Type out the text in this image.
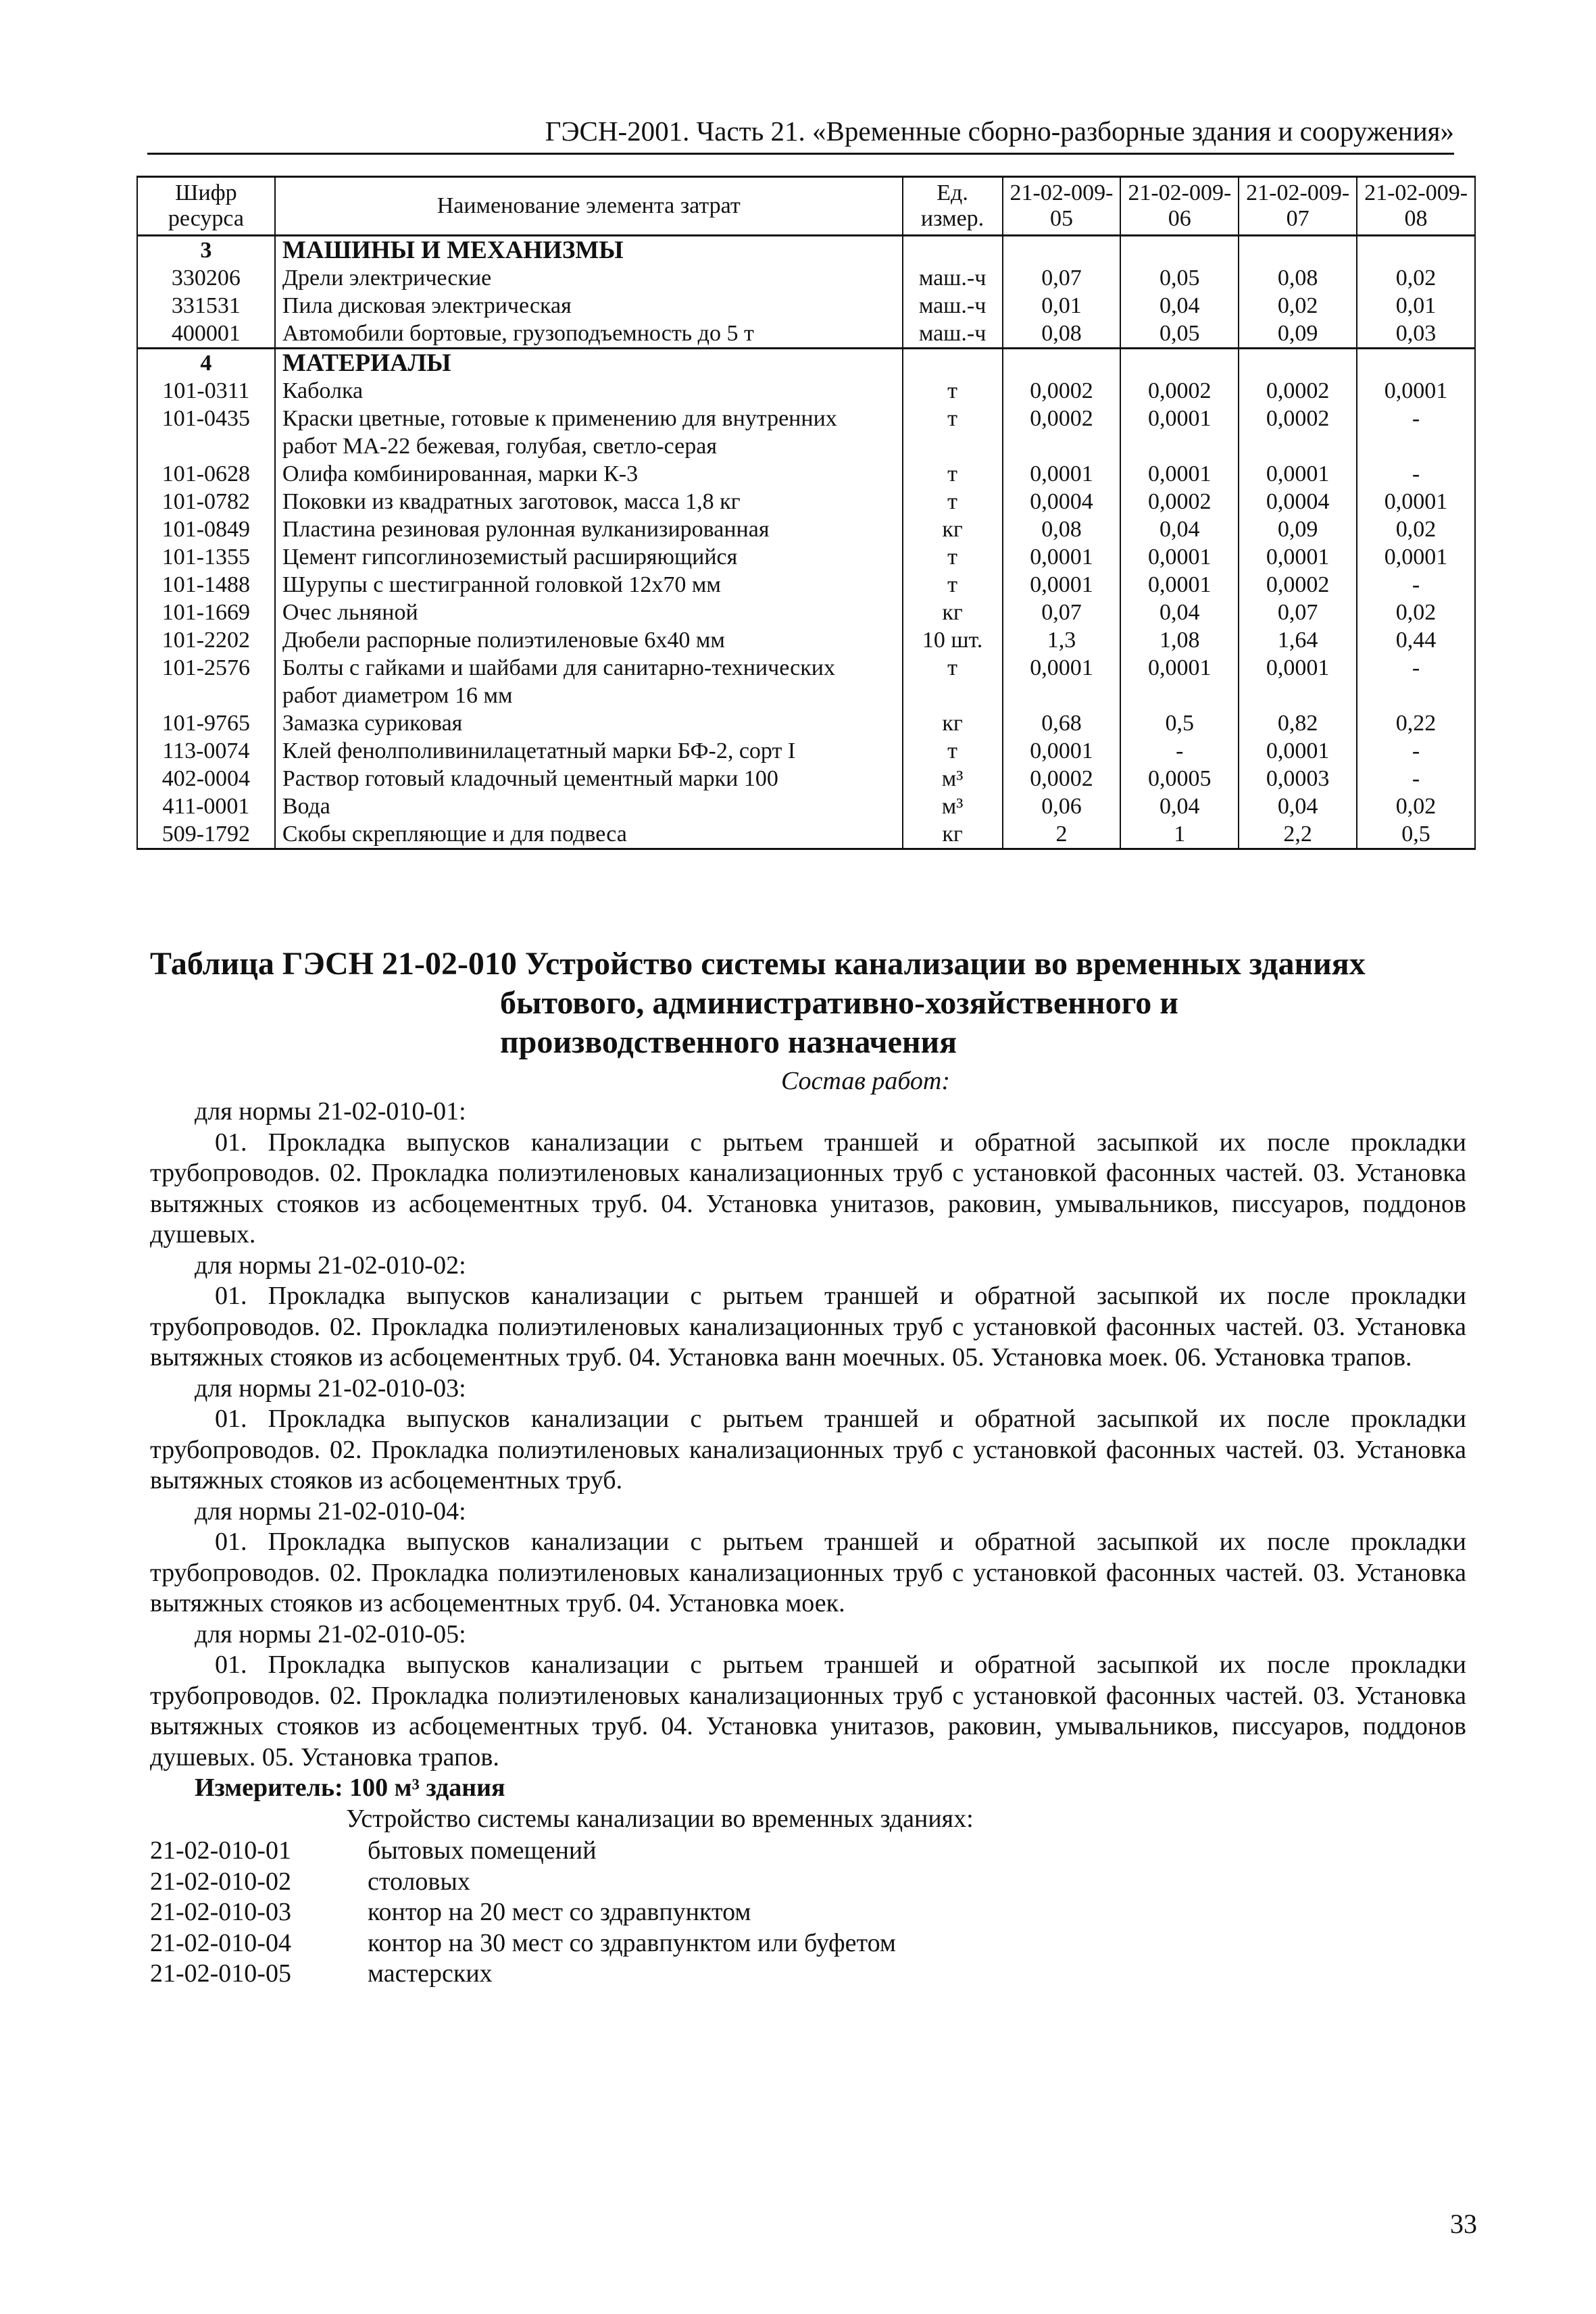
ГЭСН-2001. Часть 21. «Временные сборно-разборные здания и сооружения»
Шифр ресурса	Наименование элемента затрат	Ед. измер.	21-02-009-05	21-02-009-06	21-02-009-07	21-02-009-08
3	МАШИНЫ И МЕХАНИЗМЫ					
330206	Дрели электрические	маш.-ч	0,07	0,05	0,08	0,02
331531	Пила дисковая электрическая	маш.-ч	0,01	0,04	0,02	0,01
400001	Автомобили бортовые, грузоподъемность до 5 т	маш.-ч	0,08	0,05	0,09	0,03
4	МАТЕРИАЛЫ					
101-0311	Каболка	т	0,0002	0,0002	0,0002	0,0001
101-0435	Краски цветные, готовые к применению для внутренних работ МА-22 бежевая, голубая, светло-серая	т	0,0002	0,0001	0,0002	-
101-0628	Олифа комбинированная, марки К-3	т	0,0001	0,0001	0,0001	-
101-0782	Поковки из квадратных заготовок, масса 1,8 кг	т	0,0004	0,0002	0,0004	0,0001
101-0849	Пластина резиновая рулонная вулканизированная	кг	0,08	0,04	0,09	0,02
101-1355	Цемент гипсоглиноземистый расширяющийся	т	0,0001	0,0001	0,0001	0,0001
101-1488	Шурупы с шестигранной головкой 12х70 мм	т	0,0001	0,0001	0,0002	-
101-1669	Очес льняной	кг	0,07	0,04	0,07	0,02
101-2202	Дюбели распорные полиэтиленовые 6х40 мм	10 шт.	1,3	1,08	1,64	0,44
101-2576	Болты с гайками и шайбами для санитарно-технических работ диаметром 16 мм	т	0,0001	0,0001	0,0001	-
101-9765	Замазка суриковая	кг	0,68	0,5	0,82	0,22
113-0074	Клей фенолполивинилацетатный марки БФ-2, сорт I	т	0,0001	-	0,0001	-
402-0004	Раствор готовый кладочный цементный марки 100	м³	0,0002	0,0005	0,0003	-
411-0001	Вода	м³	0,06	0,04	0,04	0,02
509-1792	Скобы скрепляющие и для подвеса	кг	2	1	2,2	0,5
Таблица ГЭСН 21-02-010 Устройство системы канализации во временных зданиях
бытового, административно-хозяйственного и
производственного назначения
Состав работ:

для нормы 21-02-010-01:

01. Прокладка выпусков канализации с рытьем траншей и обратной засыпкой их после прокладки трубопроводов. 02. Прокладка полиэтиленовых канализационных труб с установкой фасонных частей. 03. Установка вытяжных стояков из асбоцементных труб. 04. Установка унитазов, раковин, умывальников, писсуаров, поддонов душевых.

для нормы 21-02-010-02:

01. Прокладка выпусков канализации с рытьем траншей и обратной засыпкой их после прокладки трубопроводов. 02. Прокладка полиэтиленовых канализационных труб с установкой фасонных частей. 03. Установка вытяжных стояков из асбоцементных труб. 04. Установка ванн моечных. 05. Установка моек. 06. Установка трапов.

для нормы 21-02-010-03:

01. Прокладка выпусков канализации с рытьем траншей и обратной засыпкой их после прокладки трубопроводов. 02. Прокладка полиэтиленовых канализационных труб с установкой фасонных частей. 03. Установка вытяжных стояков из асбоцементных труб.

для нормы 21-02-010-04:

01. Прокладка выпусков канализации с рытьем траншей и обратной засыпкой их после прокладки трубопроводов. 02. Прокладка полиэтиленовых канализационных труб с установкой фасонных частей. 03. Установка вытяжных стояков из асбоцементных труб. 04. Установка моек.

для нормы 21-02-010-05:

01. Прокладка выпусков канализации с рытьем траншей и обратной засыпкой их после прокладки трубопроводов. 02. Прокладка полиэтиленовых канализационных труб с установкой фасонных частей. 03. Установка вытяжных стояков из асбоцементных труб. 04. Установка унитазов, раковин, умывальников, писсуаров, поддонов душевых. 05. Установка трапов.

Измеритель: 100 м³ здания

Устройство системы канализации во временных зданиях:

21-02-010-01	бытовых помещений
21-02-010-02	столовых
21-02-010-03	контор на 20 мест со здравпунктом
21-02-010-04	контор на 30 мест со здравпунктом или буфетом
21-02-010-05	мастерских
33
